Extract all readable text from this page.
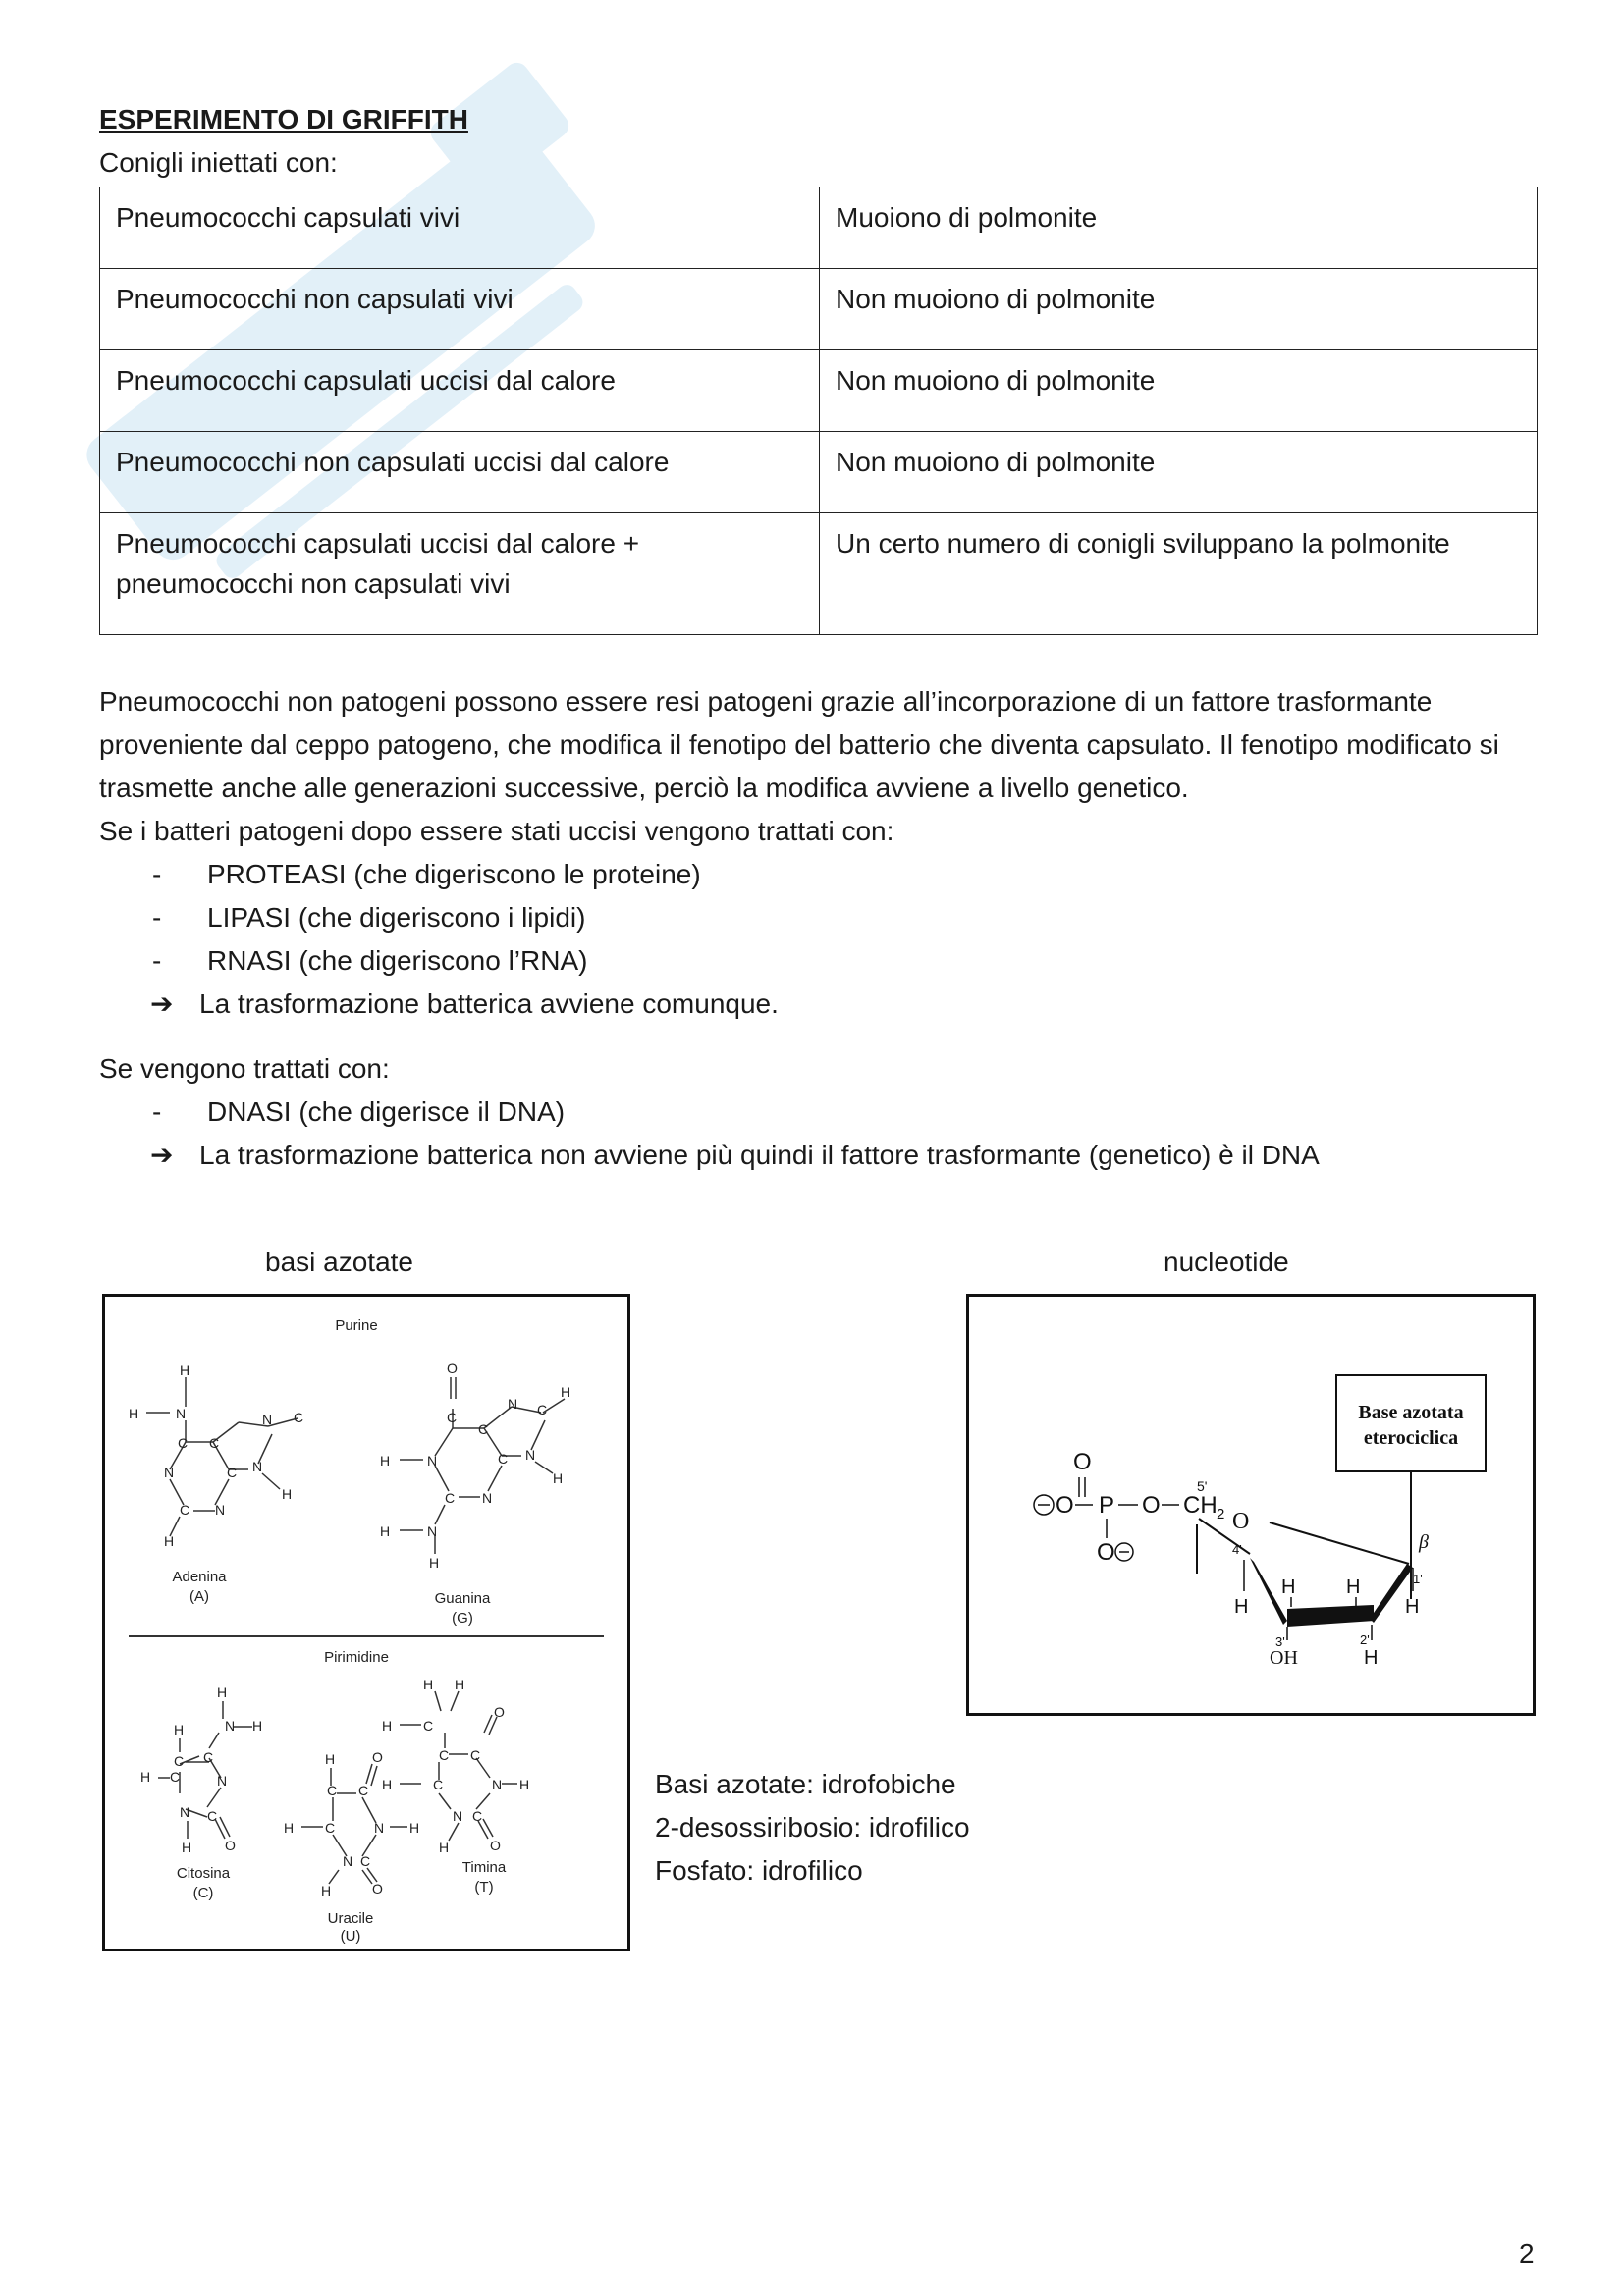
ESPERIMENTO DI GRIFFITH

Conigli iniettati con:

Pneumococchi capsulati vivi	Muoiono di polmonite
Pneumococchi non capsulati vivi	Non muoiono di polmonite
Pneumococchi capsulati uccisi dal calore	Non muoiono di polmonite
Pneumococchi non capsulati uccisi dal calore	Non muoiono di polmonite
Pneumococchi capsulati uccisi dal calore +
pneumococchi non capsulati vivi	Un certo numero di conigli sviluppano la polmonite

Pneumococchi non patogeni possono essere resi patogeni grazie all’incorporazione di un fattore trasformante proveniente dal ceppo patogeno, che modifica il fenotipo del batterio che diventa capsulato. Il fenotipo modificato si trasmette anche alle generazioni successive, perciò la modifica avviene a livello genetico.

Se i batteri patogeni dopo essere stati uccisi vengono trattati con:

- PROTEASI (che digeriscono le proteine)
- LIPASI (che digeriscono i lipidi)
- RNASI (che digeriscono l’RNA)
➔ La trasformazione batterica avviene comunque.

Se vengono trattati con:

- DNASI (che digerisce il DNA)
➔ La trasformazione batterica non avviene più quindi il fattore trasformante (genetico) è il DNA
basi azotate	nucleotide
Purine
H
H	N
C C
N C
N	C N
C N
H
H
Adenina
(A)
O
C
C
N C
H
H	N	C N
C N
H	N
H
H
Guanina
(G)
Pirimidine
H
N H
H
C
C
H C	N
N C
H O
Citosina
(C)
H	O
C C
H C	N H
N C
H	O
Uracile
(U)
H H
H C
C C
O
H	C	N H
N C
O
H
Timina
(T)
Base azotata
eterociclica
O
O P O CH 2
5'
O
O
4'
1'
3'	2'
β
H	H
H	H
OH	H
Basi azotate: idrofobiche
2-desossiribosio: idrofilico
Fosfato: idrofilico
2
